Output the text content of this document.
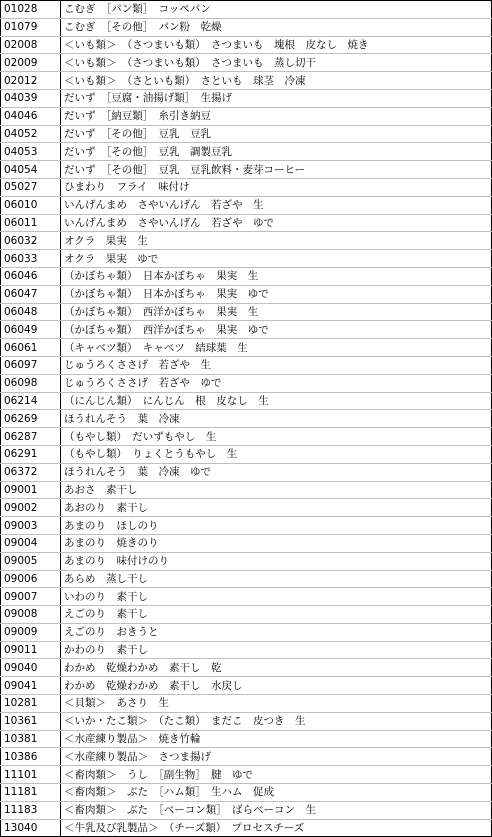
01028	こむぎ　［パン類］　コッペパン
01079	こむぎ　［その他］　パン粉　乾燥
02008	＜いも類＞　（さつまいも類）　さつまいも　塊根　皮なし　焼き
02009	＜いも類＞　（さつまいも類）　さつまいも　蒸し切干
02012	＜いも類＞　（さといも類）　さといも　球茎　冷凍
04039	だいず　［豆腐・油揚げ類］　生揚げ
04046	だいず　［納豆類］　糸引き納豆
04052	だいず　［その他］　豆乳　豆乳
04053	だいず　［その他］　豆乳　調製豆乳
04054	だいず　［その他］　豆乳　豆乳飲料・麦芽コーヒー
05027	ひまわり　フライ　味付け
06010	いんげんまめ　さやいんげん　若ざや　生
06011	いんげんまめ　さやいんげん　若ざや　ゆで
06032	オクラ　果実　生
06033	オクラ　果実　ゆで
06046	（かぼちゃ類）　日本かぼちゃ　果実　生
06047	（かぼちゃ類）　日本かぼちゃ　果実　ゆで
06048	（かぼちゃ類）　西洋かぼちゃ　果実　生
06049	（かぼちゃ類）　西洋かぼちゃ　果実　ゆで
06061	（キャベツ類）　キャベツ　結球葉　生
06097	じゅうろくささげ　若ざや　生
06098	じゅうろくささげ　若ざや　ゆで
06214	（にんじん類）　にんじん　根　皮なし　生
06269	ほうれんそう　葉　冷凍
06287	（もやし類）　だいずもやし　生
06291	（もやし類）　りょくとうもやし　生
06372	ほうれんそう　葉　冷凍　ゆで
09001	あおさ　素干し
09002	あおのり　素干し
09003	あまのり　ほしのり
09004	あまのり　焼きのり
09005	あまのり　味付けのり
09006	あらめ　蒸し干し
09007	いわのり　素干し
09008	えごのり　素干し
09009	えごのり　おきうと
09011	かわのり　素干し
09040	わかめ　乾燥わかめ　素干し　乾
09041	わかめ　乾燥わかめ　素干し　水戻し
10281	＜貝類＞　あさり　生
10361	＜いか・たこ類＞　（たこ類）　まだこ　皮つき　生
10381	＜水産練り製品＞　焼き竹輪
10386	＜水産練り製品＞　さつま揚げ
11101	＜畜肉類＞　うし　［副生物］　腱　ゆで
11181	＜畜肉類＞　ぶた　［ハム類］　生ハム　促成
11183	＜畜肉類＞　ぶた　［ベーコン類］　ばらベーコン　生
13040	＜牛乳及び乳製品＞　（チーズ類）　プロセスチーズ
